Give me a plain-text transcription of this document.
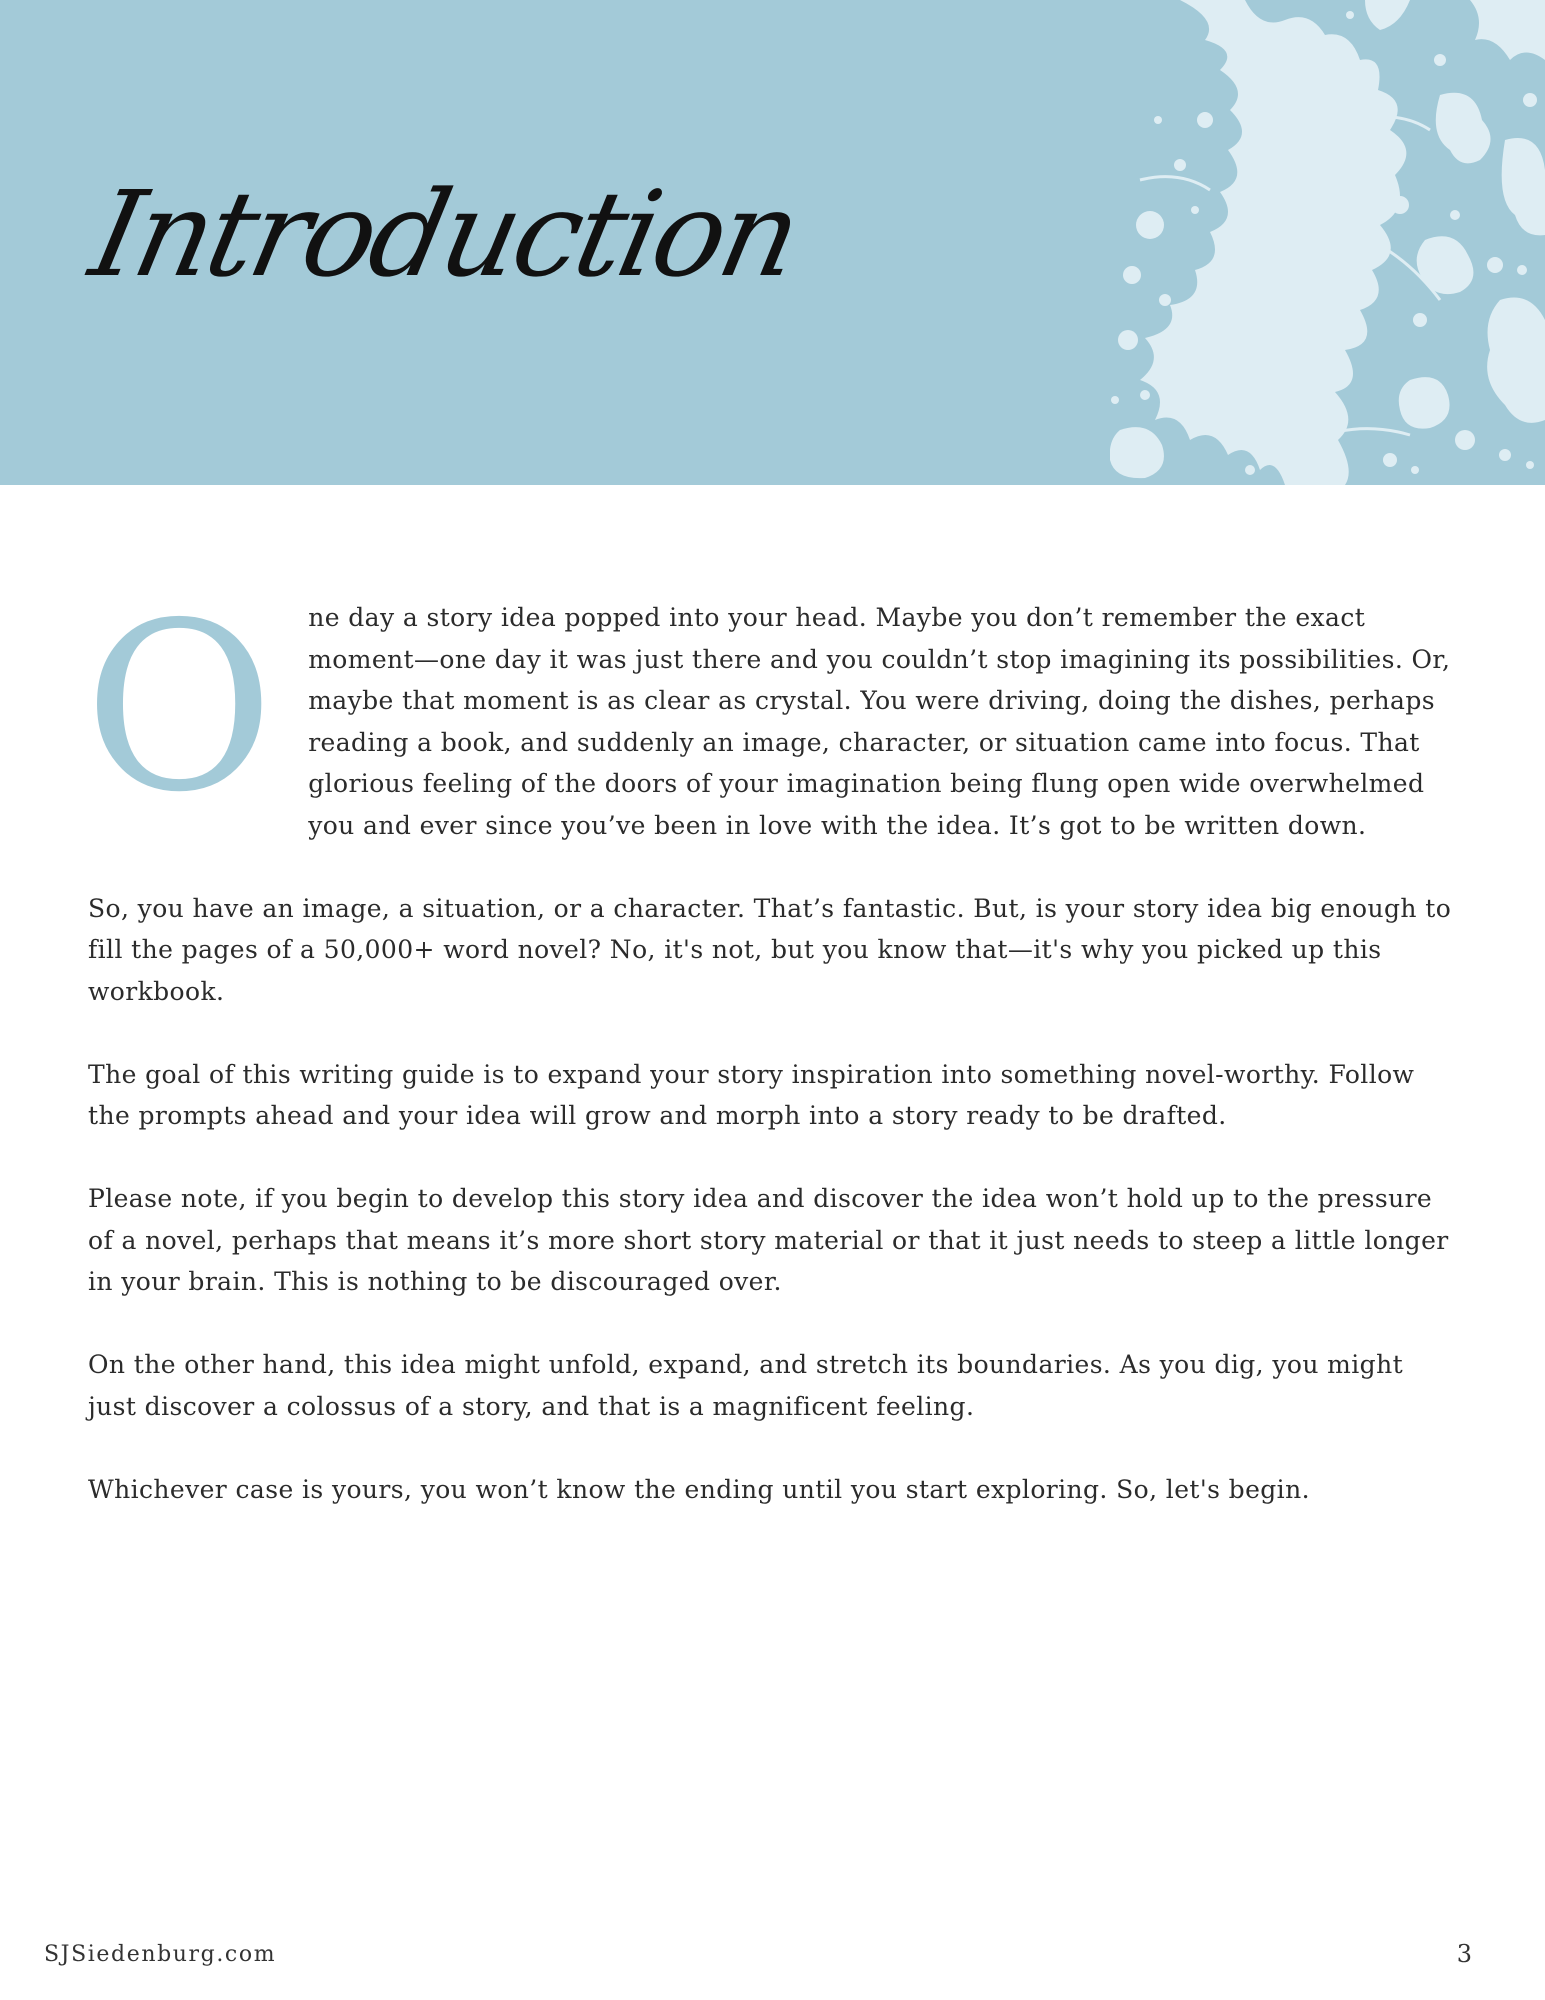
Introduction
O	ne day a story idea popped into your head. Maybe you don’t remember the exact moment—one day it was just there and you couldn’t stop imagining its possibilities. Or, maybe that moment is as clear as crystal. You were driving, doing the dishes, perhaps reading a book, and suddenly an image, character, or situation came into focus. That glorious feeling of the doors of your imagination being flung open wide overwhelmed you and ever since you’ve been in love with the idea. It’s got to be written down.

So, you have an image, a situation, or a character. That’s fantastic. But, is your story idea big enough to fill the pages of a 50,000+ word novel? No, it's not, but you know that—it's why you picked up this workbook.

The goal of this writing guide is to expand your story inspiration into something novel-worthy. Follow the prompts ahead and your idea will grow and morph into a story ready to be drafted.

Please note, if you begin to develop this story idea and discover the idea won’t hold up to the pressure of a novel, perhaps that means it’s more short story material or that it just needs to steep a little longer in your brain. This is nothing to be discouraged over.

On the other hand, this idea might unfold, expand, and stretch its boundaries. As you dig, you might just discover a colossus of a story, and that is a magnificent feeling.

Whichever case is yours, you won’t know the ending until you start exploring. So, let's begin.

SJSiedenburg.com	3
